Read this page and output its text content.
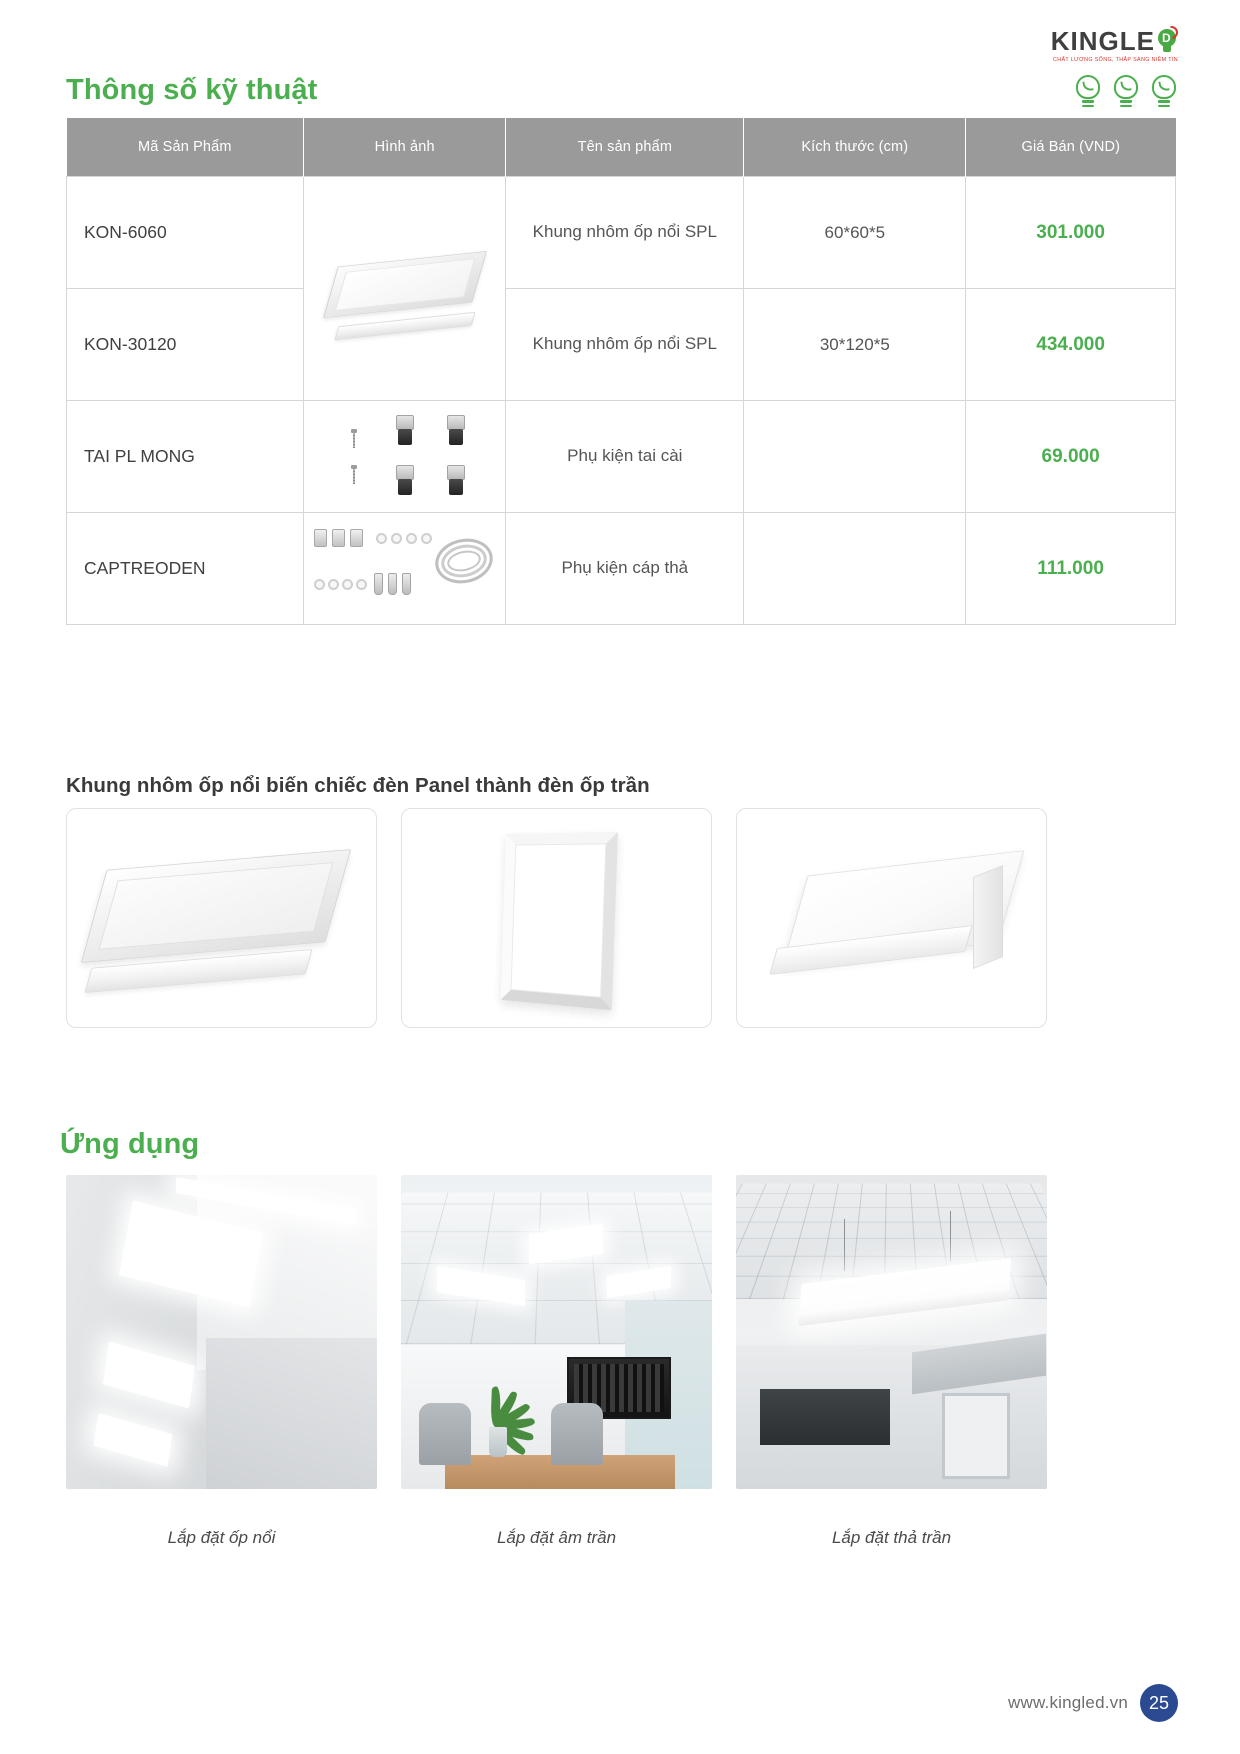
KINGLE D
CHẤT LƯỢNG SỐNG, THẮP SÁNG NIỀM TIN
Thông số kỹ thuật
Mã Sản Phẩm	Hình ảnh	Tên sản phẩm	Kích thước (cm)	Giá Bán (VND)
KON-6060		Khung nhôm ốp nổi SPL	60*60*5	301.000
KON-30120		Khung nhôm ốp nổi SPL	30*120*5	434.000
TAI PL MONG		Phụ kiện tai cài		69.000
CAPTREODEN		Phụ kiện cáp thả		111.000
Khung nhôm ốp nổi biến chiếc đèn Panel thành đèn ốp trần
Ứng dụng
Lắp đặt ốp nổi	Lắp đặt âm trần	Lắp đặt thả trần
www.kingled.vn	25
